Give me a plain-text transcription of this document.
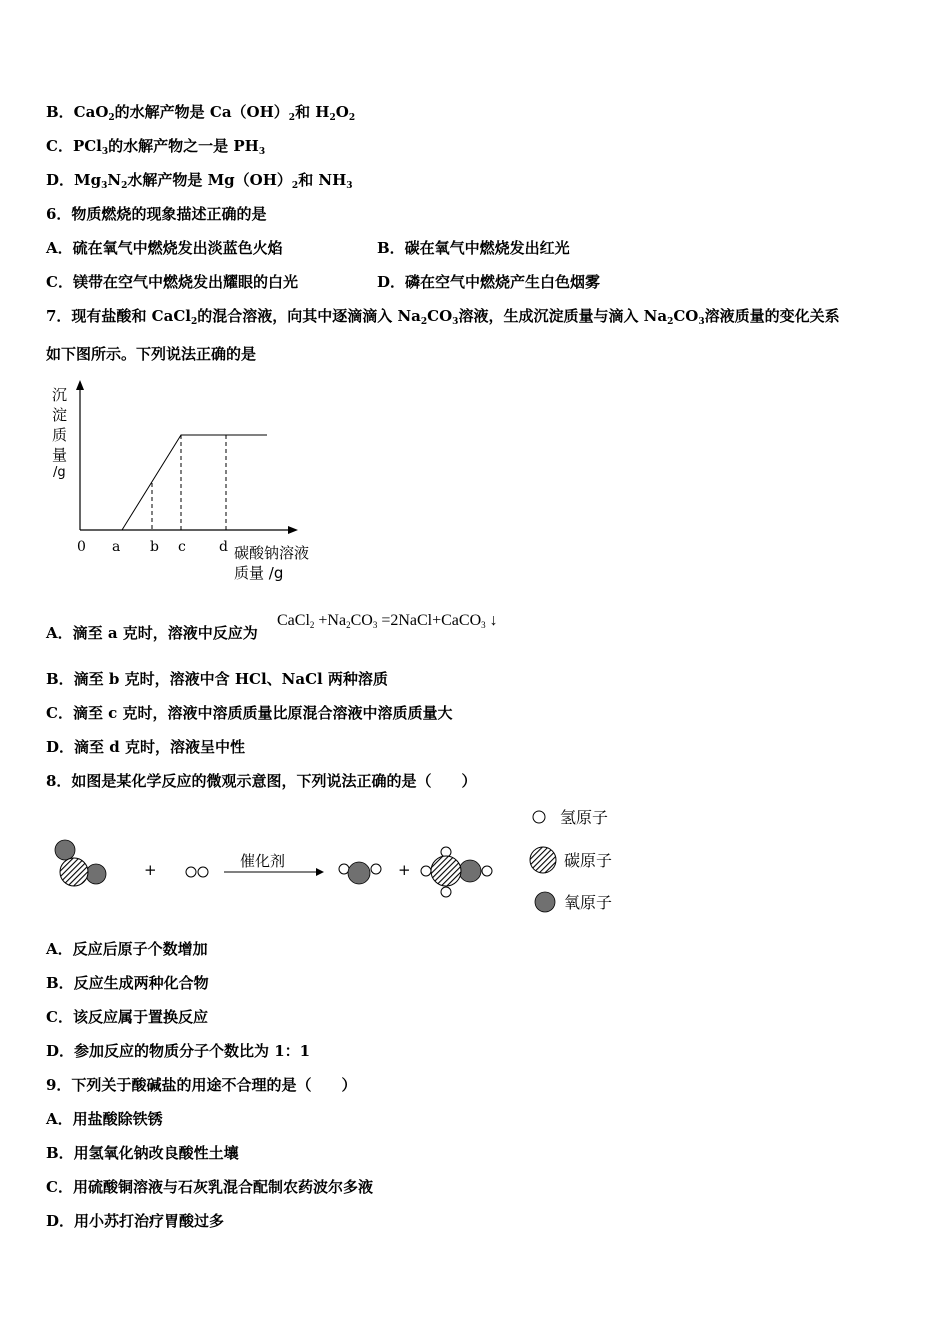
B．CaO$_2$的水解产物是 $Ca(OH)_2$和 $H_2O_2$
C．PCl$_3$的水解产物之一是 $PH_3$
D．$Mg_3N_2$水解产物是 $Mg(OH)_2$和 $NH_3$
6．物质燃烧的现象描述正确的是
A．硫在氧气中燃烧发出淡蓝色火焰	B．碳在氧气中燃烧发出红光
C．镁带在空气中燃烧发出耀眼的白光	D．磷在空气中燃烧产生白色烟雾
7．现有盐酸和 CaCl$_2$的混合溶液，向其中逐滴滴入 $Na_2CO_3$溶液，生成沉淀质量与滴入 $Na_2CO_3$溶液质量的变化关系
如下图所示。下列说法正确的是
沉
淀
质
量
/g
0 a b c d 碳酸钠溶液
质量 /g
A．滴至 a 克时，溶液中反应为
CaCl$_2$ $+Na_2CO_3$ =2NaCl+CaCO$_3$ ↓
B．滴至 b 克时，溶液中含 HCl、NaCl 两种溶质
C．滴至 c 克时，溶液中溶质质量比原混合溶液中溶质质量大
D．滴至 d 克时，溶液呈中性
8．如图是某化学反应的微观示意图，下列说法正确的是（　　）
+	催化剂	+
氢原子
碳原子
氧原子
A．反应后原子个数增加
B．反应生成两种化合物
C．该反应属于置换反应
D．参加反应的物质分子个数比为 1：1
9．下列关于酸碱盐的用途不合理的是（　　）
A．用盐酸除铁锈
B．用氢氧化钠改良酸性土壤
C．用硫酸铜溶液与石灰乳混合配制农药波尔多液
D．用小苏打治疗胃酸过多
